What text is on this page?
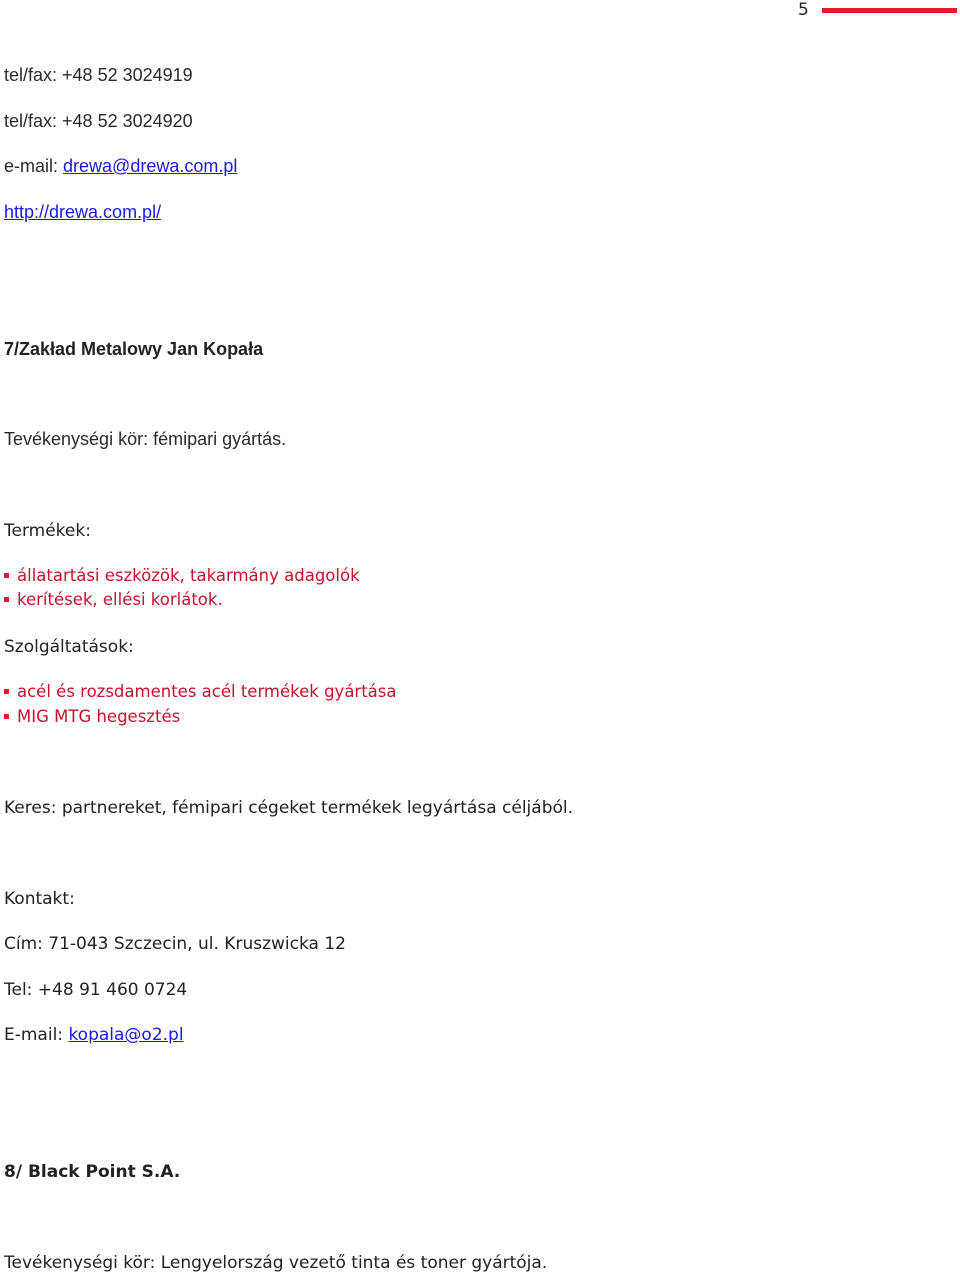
5
tel/fax: +48 52 3024919
tel/fax: +48 52 3024920
e-mail: drewa@drewa.com.pl
http://drewa.com.pl/
7/Zakład Metalowy Jan Kopała
Tevékenységi kör: fémipari gyártás.
Termékek:
állatartási eszközök, takarmány adagolók
kerítések, ellési korlátok.
Szolgáltatások:
acél és rozsdamentes acél termékek gyártása
MIG MTG hegesztés
Keres: partnereket, fémipari cégeket termékek legyártása céljából.
Kontakt:
Cím: 71-043 Szczecin, ul. Kruszwicka 12
Tel: +48 91 460 0724
E-mail: kopala@o2.pl
8/ Black Point S.A.
Tevékenységi kör: Lengyelország vezető tinta és toner gyártója.
